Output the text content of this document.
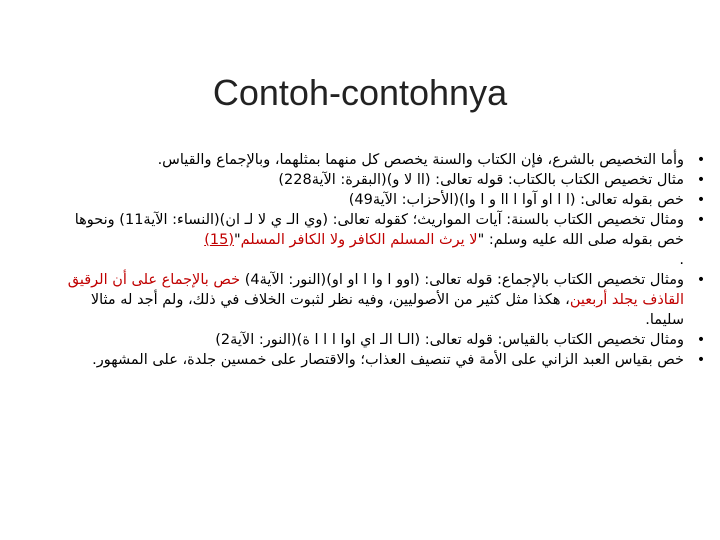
Contoh-contohnya
•
وأما التخصيص بالشرع، فإن الكتاب والسنة يخصص كل منهما بمثلهما، وبالإجماع والقياس.
•
مثال تخصيص الكتاب بالكتاب: قوله تعالى: (اا لا و)(البقرة: الآية228)
•
خص بقوله تعالى: (ا ا او آوا ا اا و ا وا)(الأحزاب: الآية49)
•
ومثال تخصيص الكتاب بالسنة: آيات المواريث؛ كقوله تعالى: (وي الـ ي لا لـ ان)(النساء: الآية11) ونحوها خص بقوله صلى الله عليه وسلم: "لا يرث المسلم الكافر ولا الكافر المسلم"(15)
.
•
ومثال تخصيص الكتاب بالإجماع: قوله تعالى: (اوو ا وا ا او او)(النور: الآية4) خص بالإجماع على أن الرقيق القاذف يجلد أربعين، هكذا مثل كثير من الأصوليين، وفيه نظر لثبوت الخلاف في ذلك، ولم أجد له مثالا سليما.
•
ومثال تخصيص الكتاب بالقياس: قوله تعالى: (الـا الـ اي اوا ا ا ا ة)(النور: الآية2)
•
خص بقياس العبد الزاني على الأمة في تنصيف العذاب؛ والاقتصار على خمسين جلدة، على المشهور.
